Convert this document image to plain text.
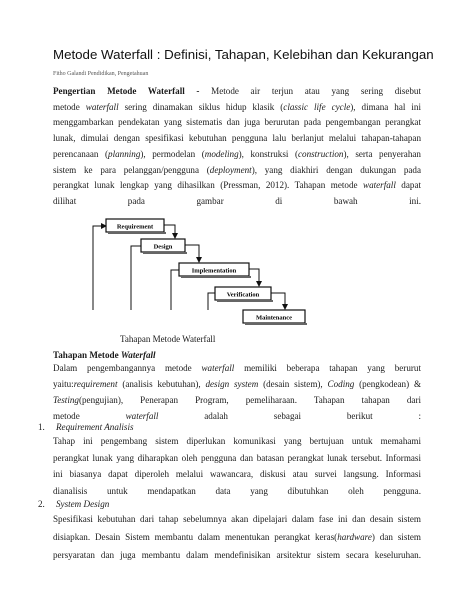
Metode Waterfall : Definisi, Tahapan, Kelebihan dan Kekurangan
Fitho Galandi Pendidikan, Pengetahuan
Pengertian Metode Waterfall - Metode air terjun atau yang sering disebut
metode waterfall sering dinamakan siklus hidup klasik (classic life cycle), dimana hal ini
menggambarkan pendekatan yang sistematis dan juga berurutan pada pengembangan perangkat
lunak, dimulai dengan spesifikasi kebutuhan pengguna lalu berlanjut melalui tahapan-tahapan
perencanaan (planning), permodelan (modeling), konstruksi (construction), serta penyerahan
sistem ke para pelanggan/pengguna (deployment), yang diakhiri dengan dukungan pada
perangkat lunak lengkap yang dihasilkan (Pressman, 2012). Tahapan metode waterfall dapat
dilihat pada gambar di bawah ini.
Requirement
Design
Implementation
Verification
Maintenance
Tahapan Metode Waterfall
Tahapan Metode Waterfall
Dalam pengembangannya metode waterfall memiliki beberapa tahapan yang berurut
yaitu:requirement (analisis kebutuhan), design system (desain sistem), Coding (pengkodean) &
Testing(pengujian), Penerapan Program, pemeliharaan. Tahapan tahapan dari
metode waterfall adalah sebagai berikut :
1. Requirement Analisis
Tahap ini pengembang sistem diperlukan komunikasi yang bertujuan untuk memahami
perangkat lunak yang diharapkan oleh pengguna dan batasan perangkat lunak tersebut. Informasi
ini biasanya dapat diperoleh melalui wawancara, diskusi atau survei langsung. Informasi
dianalisis untuk mendapatkan data yang dibutuhkan oleh pengguna.
2. System Design
Spesifikasi kebutuhan dari tahap sebelumnya akan dipelajari dalam fase ini dan desain sistem
disiapkan. Desain Sistem membantu dalam menentukan perangkat keras(hardware) dan sistem
persyaratan dan juga membantu dalam mendefinisikan arsitektur sistem secara keseluruhan.
